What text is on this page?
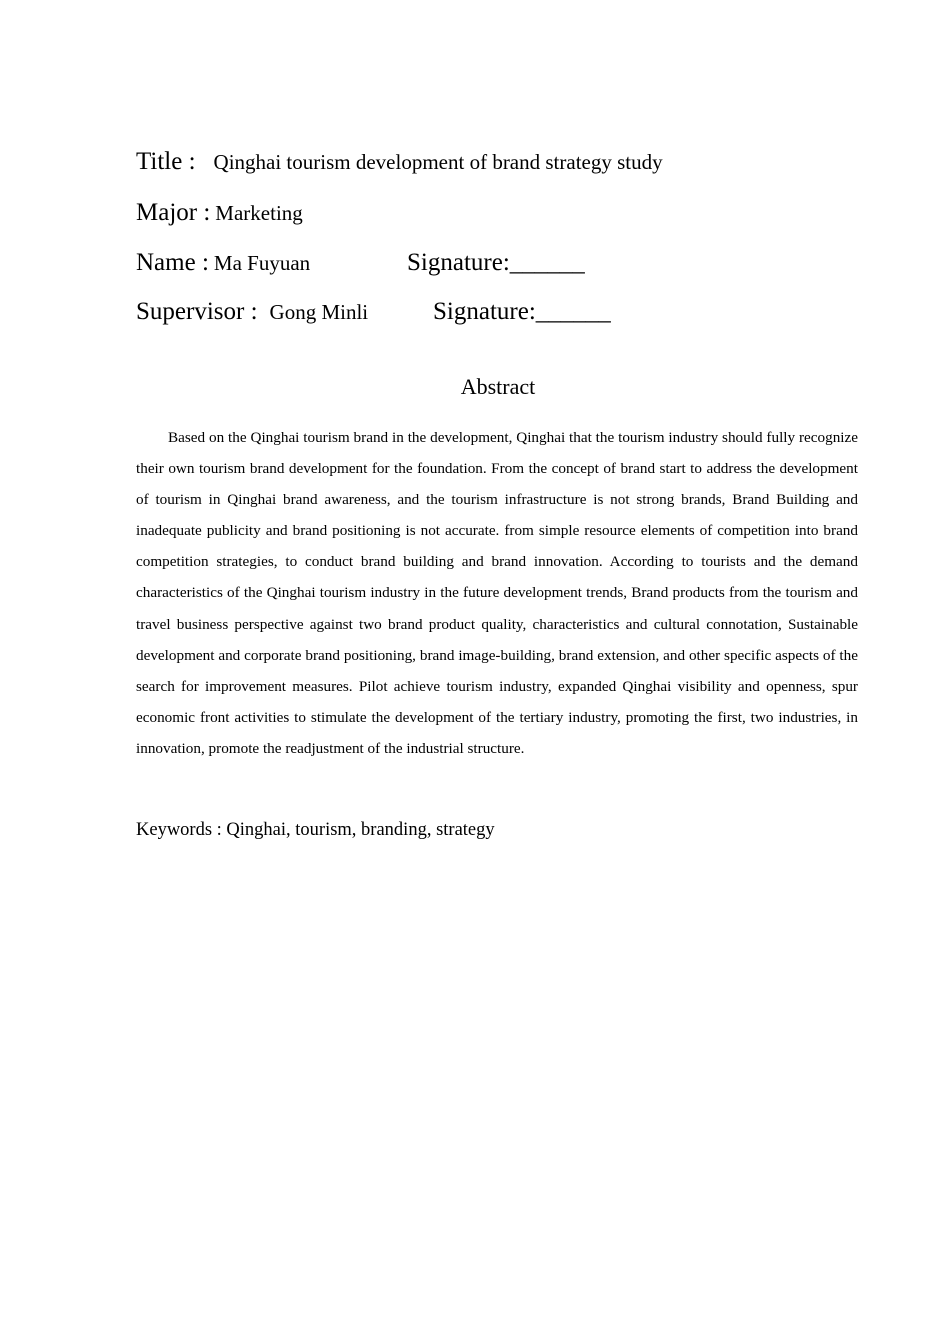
Title : Qinghai tourism development of brand strategy study
Major : Marketing
Name : Ma Fuyuan	Signature:______
Supervisor : Gong Minli	Signature:______
Abstract

Based on the Qinghai tourism brand in the development, Qinghai that the tourism industry should fully recognize their own tourism brand development for the foundation. From the concept of brand start to address the development of tourism in Qinghai brand awareness, and the tourism infrastructure is not strong brands, Brand Building and inadequate publicity and brand positioning is not accurate. from simple resource elements of competition into brand competition strategies, to conduct brand building and brand innovation. According to tourists and the demand characteristics of the Qinghai tourism industry in the future development trends, Brand products from the tourism and travel business perspective against two brand product quality, characteristics and cultural connotation, Sustainable development and corporate brand positioning, brand image-building, brand extension, and other specific aspects of the search for improvement measures. Pilot achieve tourism industry, expanded Qinghai visibility and openness, spur economic front activities to stimulate the development of the tertiary industry, promoting the first, two industries, in innovation, promote the readjustment of the industrial structure.

Keywords : Qinghai, tourism, branding, strategy
